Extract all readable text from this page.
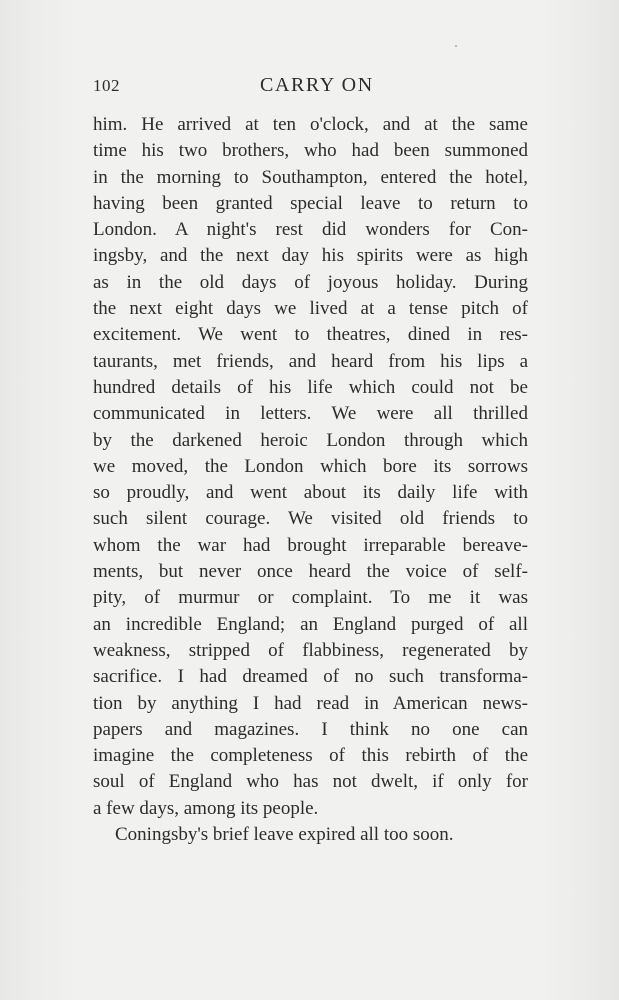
102	CARRY ON
him. He arrived at ten o'clock, and at the same
time his two brothers, who had been summoned
in the morning to Southampton, entered the hotel,
having been granted special leave to return to
London. A night's rest did wonders for Con-
ingsby, and the next day his spirits were as high
as in the old days of joyous holiday. During
the next eight days we lived at a tense pitch of
excitement. We went to theatres, dined in res-
taurants, met friends, and heard from his lips a
hundred details of his life which could not be
communicated in letters. We were all thrilled
by the darkened heroic London through which
we moved, the London which bore its sorrows
so proudly, and went about its daily life with
such silent courage. We visited old friends to
whom the war had brought irreparable bereave-
ments, but never once heard the voice of self-
pity, of murmur or complaint. To me it was
an incredible England; an England purged of all
weakness, stripped of flabbiness, regenerated by
sacrifice. I had dreamed of no such transforma-
tion by anything I had read in American news-
papers and magazines. I think no one can
imagine the completeness of this rebirth of the
soul of England who has not dwelt, if only for
a few days, among its people.
Coningsby's brief leave expired all too soon.
